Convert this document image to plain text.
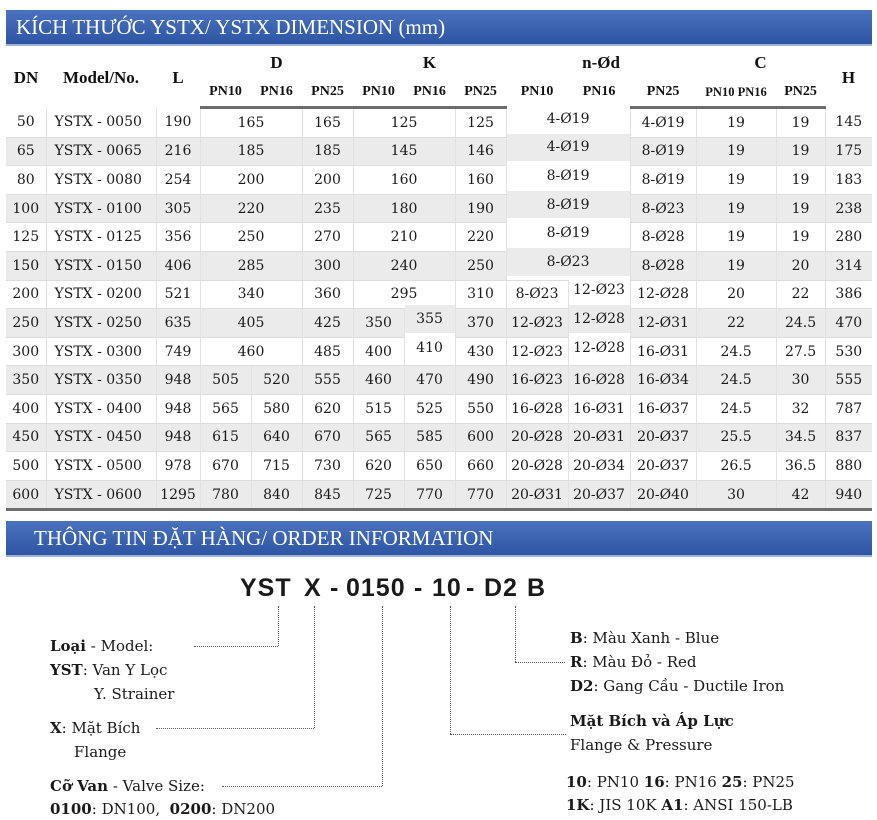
KÍCH THƯỚC YSTX/ YSTX DIMENSION (mm)
DN	Model/No.	L	D			K			n-Ød			C		H
			PN10	PN16	PN25	PN10	PN16	PN25	PN10	PN16	PN25	PN10 PN16	PN25	
50	YSTX - 0050	190	165		165	125		125	4-Ø19		4-Ø19	19	19	145
65	YSTX - 0065	216	185		185	145		146	4-Ø19		8-Ø19	19	19	175
80	YSTX - 0080	254	200		200	160		160	8-Ø19		8-Ø19	19	19	183
100	YSTX - 0100	305	220		235	180		190	8-Ø19		8-Ø23	19	19	238
125	YSTX - 0125	356	250		270	210		220	8-Ø19		8-Ø28	19	19	280
150	YSTX - 0150	406	285		300	240		250	8-Ø23		8-Ø28	19	20	314
200	YSTX - 0200	521	340		360	295		310	8-Ø23	12-Ø23	12-Ø28	20	22	386
250	YSTX - 0250	635	405		425	350	355	370	12-Ø23	12-Ø28	12-Ø31	22	24.5	470
300	YSTX - 0300	749	460		485	400	410	430	12-Ø23	12-Ø28	16-Ø31	24.5	27.5	530
350	YSTX - 0350	948	505	520	555	460	470	490	16-Ø23	16-Ø28	16-Ø34	24.5	30	555
400	YSTX - 0400	948	565	580	620	515	525	550	16-Ø28	16-Ø31	16-Ø37	24.5	32	787
450	YSTX - 0450	948	615	640	670	565	585	600	20-Ø28	20-Ø31	20-Ø37	25.5	34.5	837
500	YSTX - 0500	978	670	715	730	620	650	660	20-Ø28	20-Ø34	20-Ø37	26.5	36.5	880
600	YSTX - 0600	1295	780	840	845	725	770	770	20-Ø31	20-Ø37	20-Ø40	30	42	940
THÔNG TIN ĐẶT HÀNG/ ORDER INFORMATION
YST X - 0150 - 10 - D2 B
Loại - Model:
YST: Van Y Lọc
Y. Strainer
X: Mặt Bích
Flange
Cỡ Van - Valve Size:
0100: DN100, 0200: DN200
B: Màu Xanh - Blue
R: Màu Đỏ - Red
D2: Gang Cầu - Ductile Iron
Mặt Bích và Áp Lực
Flange & Pressure
10: PN10 16: PN16 25: PN25
1K: JIS 10K A1: ANSI 150-LB
